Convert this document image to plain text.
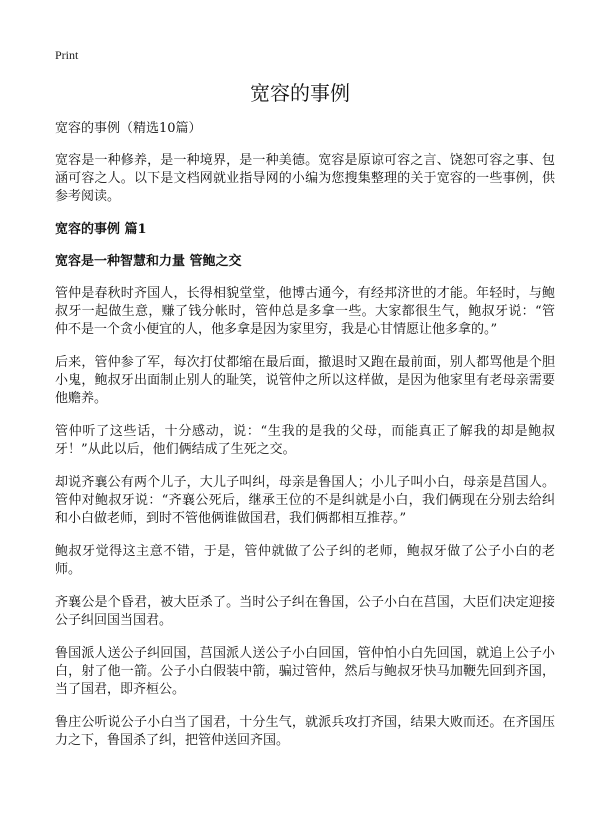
Print
宽容的事例

宽容的事例（精选10篇）

宽容是一种修养，是一种境界，是一种美德。宽容是原谅可容之言、饶恕可容之事、包涵可容之人。以下是文档网就业指导网的小编为您搜集整理的关于宽容的一些事例，供参考阅读。

宽容的事例 篇1

宽容是一种智慧和力量 管鲍之交

管仲是春秋时齐国人，长得相貌堂堂，他博古通今，有经邦济世的才能。年轻时，与鲍叔牙一起做生意，赚了钱分帐时，管仲总是多拿一些。大家都很生气，鲍叔牙说：“管仲不是一个贪小便宜的人，他多拿是因为家里穷，我是心甘情愿让他多拿的。”

后来，管仲参了军，每次打仗都缩在最后面，撤退时又跑在最前面，别人都骂他是个胆小鬼，鲍叔牙出面制止别人的耻笑，说管仲之所以这样做，是因为他家里有老母亲需要他赡养。

管仲听了这些话，十分感动，说：“生我的是我的父母，而能真正了解我的却是鲍叔牙！”从此以后，他们俩结成了生死之交。

却说齐襄公有两个儿子，大儿子叫纠，母亲是鲁国人；小儿子叫小白，母亲是莒国人。管仲对鲍叔牙说：“齐襄公死后，继承王位的不是纠就是小白，我们俩现在分别去给纠和小白做老师，到时不管他俩谁做国君，我们俩都相互推荐。”

鲍叔牙觉得这主意不错，于是，管仲就做了公子纠的老师，鲍叔牙做了公子小白的老师。

齐襄公是个昏君，被大臣杀了。当时公子纠在鲁国，公子小白在莒国，大臣们决定迎接公子纠回国当国君。

鲁国派人送公子纠回国，莒国派人送公子小白回国，管仲怕小白先回国，就追上公子小白，射了他一箭。公子小白假装中箭，骗过管仲，然后与鲍叔牙快马加鞭先回到齐国，当了国君，即齐桓公。

鲁庄公听说公子小白当了国君，十分生气，就派兵攻打齐国，结果大败而还。在齐国压力之下，鲁国杀了纠，把管仲送回齐国。
